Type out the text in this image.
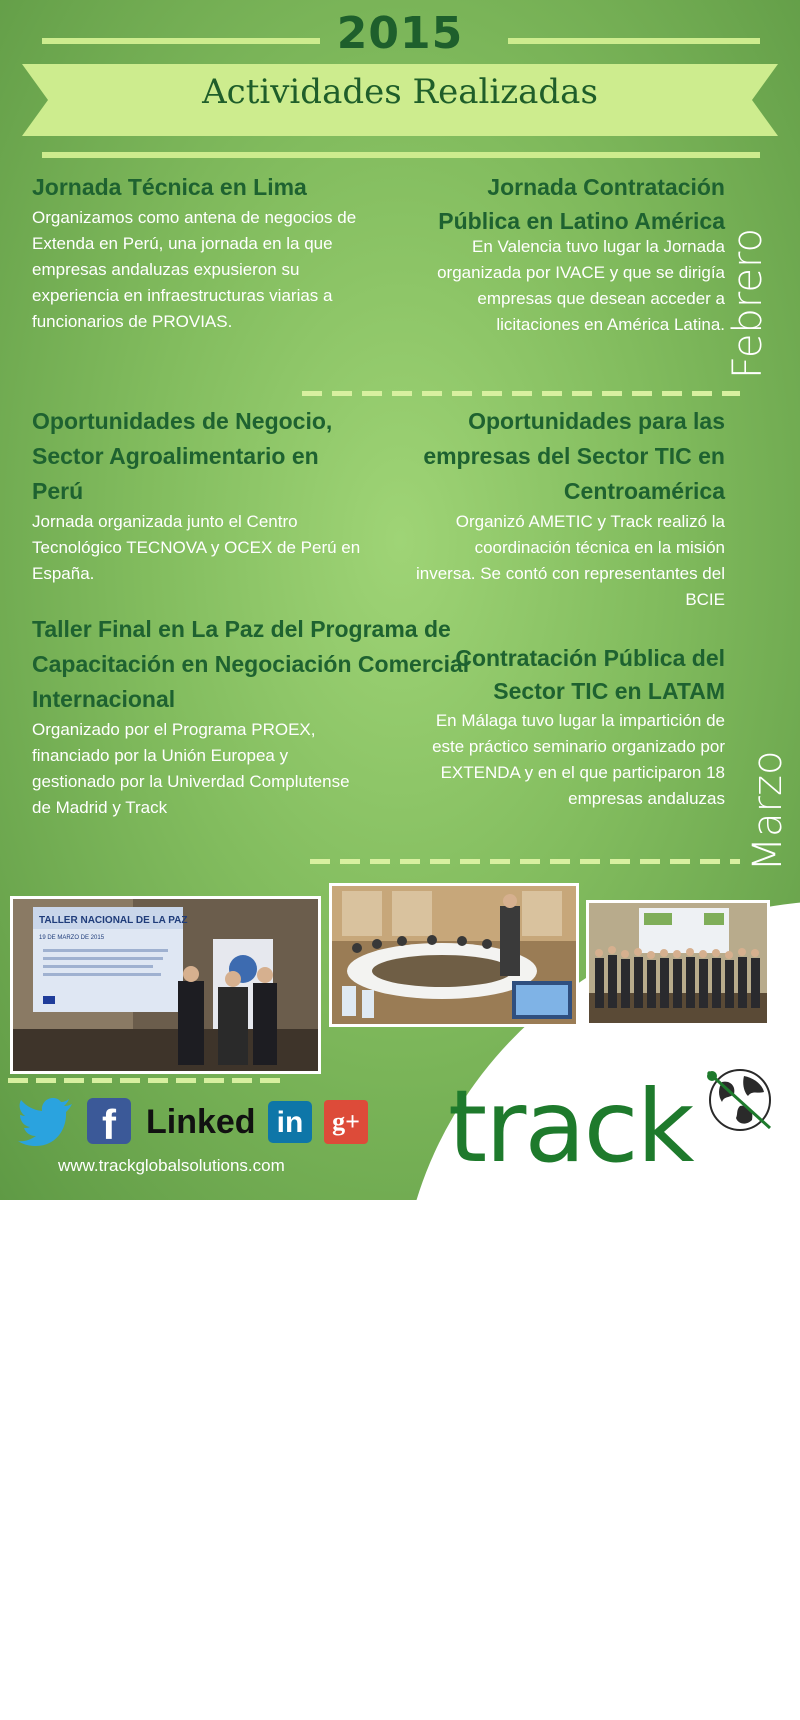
2015
Actividades Realizadas

Jornada Técnica en Lima

Organizamos como antena de negocios de Extenda en Perú, una jornada en la que empresas andaluzas expusieron su experiencia en infraestructuras viarias a funcionarios de PROVIAS.

Jornada Contratación Pública en Latino América

En Valencia tuvo lugar la Jornada organizada por IVACE y que se dirigía empresas que desean acceder a licitaciones en América Latina. Febrero

Oportunidades de Negocio, Sector Agroalimentario en Perú

Jornada organizada junto el Centro Tecnológico TECNOVA y OCEX de Perú en España.

Oportunidades para las empresas del Sector TIC en Centroamérica

Organizó AMETIC y Track realizó la coordinación técnica en la misión inversa. Se contó con representantes del BCIE

Taller Final en La Paz del Programa de Capacitación en Negociación Comercial Internacional

Organizado por el Programa PROEX, financiado por la Unión Europea y gestionado por la Univerdad Complutense de Madrid y Track

Contratación Pública del Sector TIC en LATAM

En Málaga tuvo lugar la impartición de este práctico seminario organizado por EXTENDA y en el que participaron 18 empresas andaluzas Marzo
TALLER NACIONAL DE LA PAZ
19 DE MARZO DE 2015
f Linked in	g+
www.trackglobalsolutions.com track
